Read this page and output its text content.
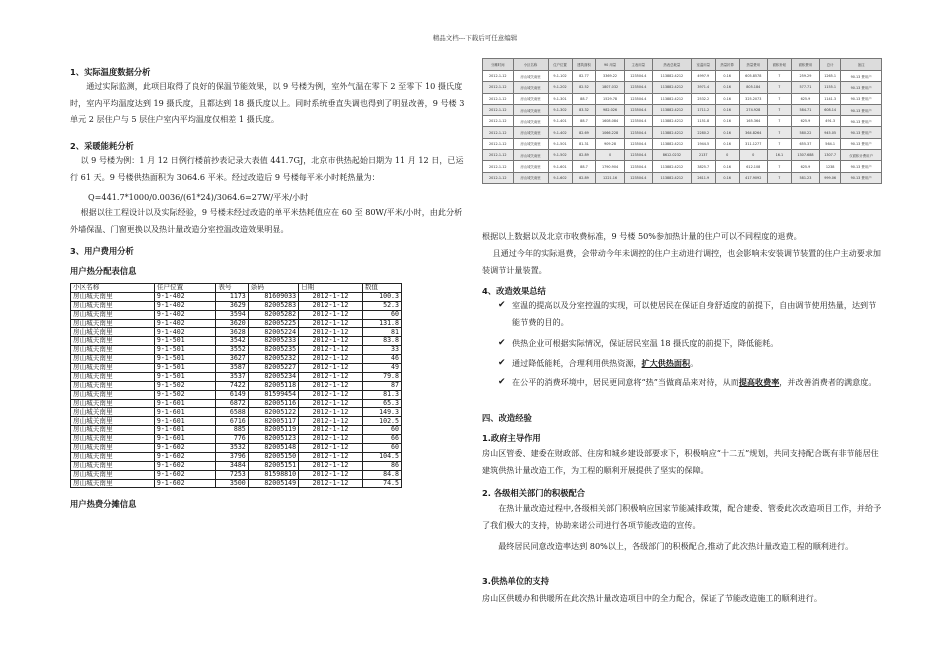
精品文档---下载后可任意编辑
1、实际温度数据分析
通过实际监测，此项目取得了良好的保温节能效果，以 9 号楼为例，室外气温在零下 2 至零下 10 摄氏度时，室内平均温度达到 19 摄氏度，且都达到 18 摄氏度以上。同时系统垂直失调也得到了明显改善，9 号楼 3 单元 2 层住户与 5 层住户室内平均温度仅相差 1 摄氏度。
2、采暖能耗分析
以 9 号楼为例：1 月 12 日例行楼前抄表记录大表值 441.7GJ，北京市供热起始日期为 11 月 12 日，已运行 61 天。9 号楼供热面积为 3064.6 平米。经过改造后 9 号楼每平米小时耗热量为：
Q=441.7*1000/0.0036/(61*24)/3064.6=27W/平米/小时
根据以往工程设计以及实际经验，9 号楼未经过改造的单平米热耗值应在 60 至 80W/平米/小时，由此分析外墙保温、门窗更换以及热计量改造分室控温改造效果明显。
3、用户费用分析
用户热分配表信息
小区名称	住户位置	表号	条码	日期	数值
房山城关南里	9-1-402	1173	81609033	2012-1-12	100.3
房山城关南里	9-1-402	3629	82005283	2012-1-12	52.3
房山城关南里	9-1-402	3594	82005282	2012-1-12	60
房山城关南里	9-1-402	3620	82005225	2012-1-12	131.8
房山城关南里	9-1-402	3628	82005224	2012-1-12	81
房山城关南里	9-1-501	3542	82005233	2012-1-12	83.8
房山城关南里	9-1-501	3552	82005235	2012-1-12	33
房山城关南里	9-1-501	3627	82005232	2012-1-12	46
房山城关南里	9-1-501	3587	82005227	2012-1-12	49
房山城关南里	9-1-501	3537	82005234	2012-1-12	79.8
房山城关南里	9-1-502	7422	82005118	2012-1-12	87
房山城关南里	9-1-502	6149	81599454	2012-1-12	81.3
房山城关南里	9-1-601	6872	82005116	2012-1-12	65.3
房山城关南里	9-1-601	6588	82005122	2012-1-12	149.3
房山城关南里	9-1-601	6716	82005117	2012-1-12	102.5
房山城关南里	9-1-601	885	82005119	2012-1-12	60
房山城关南里	9-1-601	776	82005123	2012-1-12	66
房山城关南里	9-1-602	3532	82005148	2012-1-12	60
房山城关南里	9-1-602	3796	82005150	2012-1-12	104.5
房山城关南里	9-1-602	3484	82005151	2012-1-12	86
房山城关南里	9-1-602	7253	81598810	2012-1-12	84.8
房山城关南里	9-1-602	3500	82005149	2012-1-12	74.5
用户热费分摊信息
分摊时间	小区名称	住户位置	建筑面积	90 用量	主表用量	热表总耗量	室温用量	热量折算	热量费用	面积补贴	面积费用	总计	备注
2012-1-12	房山城关南里	9-1-102	82.77	3369.22	123504.4	113882.4212	4997.9	0.16	605.8578	7	259.29	1265.1	90.13 费用户
2012-1-12	房山城关南里	9-1-202	82.52	1807.032	123504.4	113882.4212	3971.4	0.16	805.184	7	577.71	1155.1	90.13 费用户
2012-1-12	房山城关南里	9-1-301	88.7	1529.78	123504.4	113882.4212	2532.2	0.16	325.2073	7	625.9	1141.3	90.13 费用户
2012-1-12	房山城关南里	9-1-302	83.32	982.026	123504.4	113882.4212	1711.2	0.16	274.928	7	584.71	608.14	90.13 费用户
2012-1-12	房山城关南里	9-1-401	88.7	1608.084	123504.4	113882.4212	1151.8	0.16	165.364	7	625.9	491.3	90.13 费用户
2012-1-12	房山城关南里	9-1-402	82.69	1066.228	123504.4	113882.4212	2280.2	0.16	364.8264	7	580.22	945.05	90.13 费用户
2012-1-12	房山城关南里	9-1-501	81.31	909.28	123504.4	113882.4212	1944.5	0.16	311.1277	7	655.37	564.1	90.13 费用户
2012-1-12	房山城关南里	9-1-502	82.89	0	123504.4	8612.0232	2137	0	0	16.1	1307.688	1307.7	仅面积计费用户
2012-1-12	房山城关南里	9-1-601	88.7	1790.904	123504.4	113882.4212	3825.7	0.16	612.108	7	625.9	1238	90.13 费用户
2012-1-12	房山城关南里	9-1-602	82.89	1221.16	123504.4	113882.4212	2611.9	0.16	417.9092	7	581.23	999.06	90.13 费用户
根据以上数据以及北京市收费标准，9 号楼 50%参加热计量的住户可以不同程度的退费。
且通过今年的实际退费，会带动今年未调控的住户主动进行调控，也会影响未安装调节装置的住户主动要求加装调节计量装置。
4、改造效果总结
✔ 室温的提高以及分室控温的实现，可以使居民在保证自身舒适度的前提下，自由调节使用热量，达到节能节费的目的。
✔ 供热企业可根据实际情况，保证居民室温 18 摄氏度的前提下，降低能耗。
✔ 通过降低能耗，合理利用供热资源，扩大供热面积。
✔ 在公平的消费环境中，居民更同意将“热”当做商品来对待，从而提高收费率，并改善消费者的满意度。
四、改造经验
1.政府主导作用
房山区管委、建委在财政部、住房和城乡建设部要求下，积极响应“十二五”规划，共同支持配合既有非节能居住建筑供热计量改造工作，为工程的顺利开展提供了坚实的保障。
2. 各级相关部门的积极配合
在热计量改造过程中,各级相关部门积极响应国家节能减排政策，配合建委、管委此次改造项目工作，并给予了我们极大的支持，协助来诺公司进行各项节能改造的宣传。
最终居民同意改造率达到 80%以上，各级部门的积极配合,推动了此次热计量改造工程的顺利进行。
3.供热单位的支持
房山区供暖办和供暖所在此次热计量改造项目中的全力配合，保证了节能改造施工的顺利进行。
